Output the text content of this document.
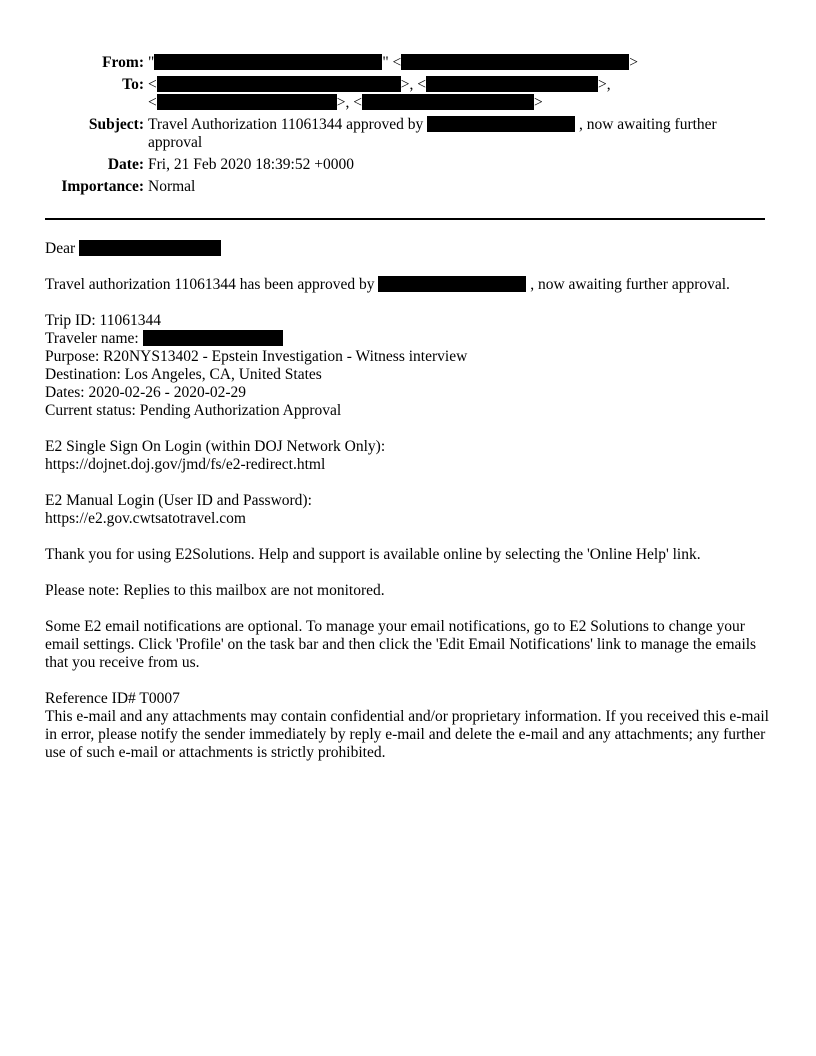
From: "	" <	>
To: <	>, <	>,
<	>, <	>
Subject: Travel Authorization 11061344 approved by	, now awaiting further approval
Date: Fri, 21 Feb 2020 18:39:52 +0000
Importance: Normal

Dear

Travel authorization 11061344 has been approved by	, now awaiting further approval.

Trip ID: 11061344
Traveler name:
Purpose: R20NYS13402 - Epstein Investigation - Witness interview
Destination: Los Angeles, CA, United States
Dates: 2020-02-26 - 2020-02-29
Current status: Pending Authorization Approval

E2 Single Sign On Login (within DOJ Network Only):
https://dojnet.doj.gov/jmd/fs/e2-redirect.html

E2 Manual Login (User ID and Password):
https://e2.gov.cwtsatotravel.com

Thank you for using E2Solutions. Help and support is available online by selecting the 'Online Help' link.

Please note: Replies to this mailbox are not monitored.

Some E2 email notifications are optional. To manage your email notifications, go to E2 Solutions to change your email settings. Click 'Profile' on the task bar and then click the 'Edit Email Notifications' link to manage the emails that you receive from us.

Reference ID# T0007
This e-mail and any attachments may contain confidential and/or proprietary information. If you received this e-mail in error, please notify the sender immediately by reply e-mail and delete the e-mail and any attachments; any further use of such e-mail or attachments is strictly prohibited.
